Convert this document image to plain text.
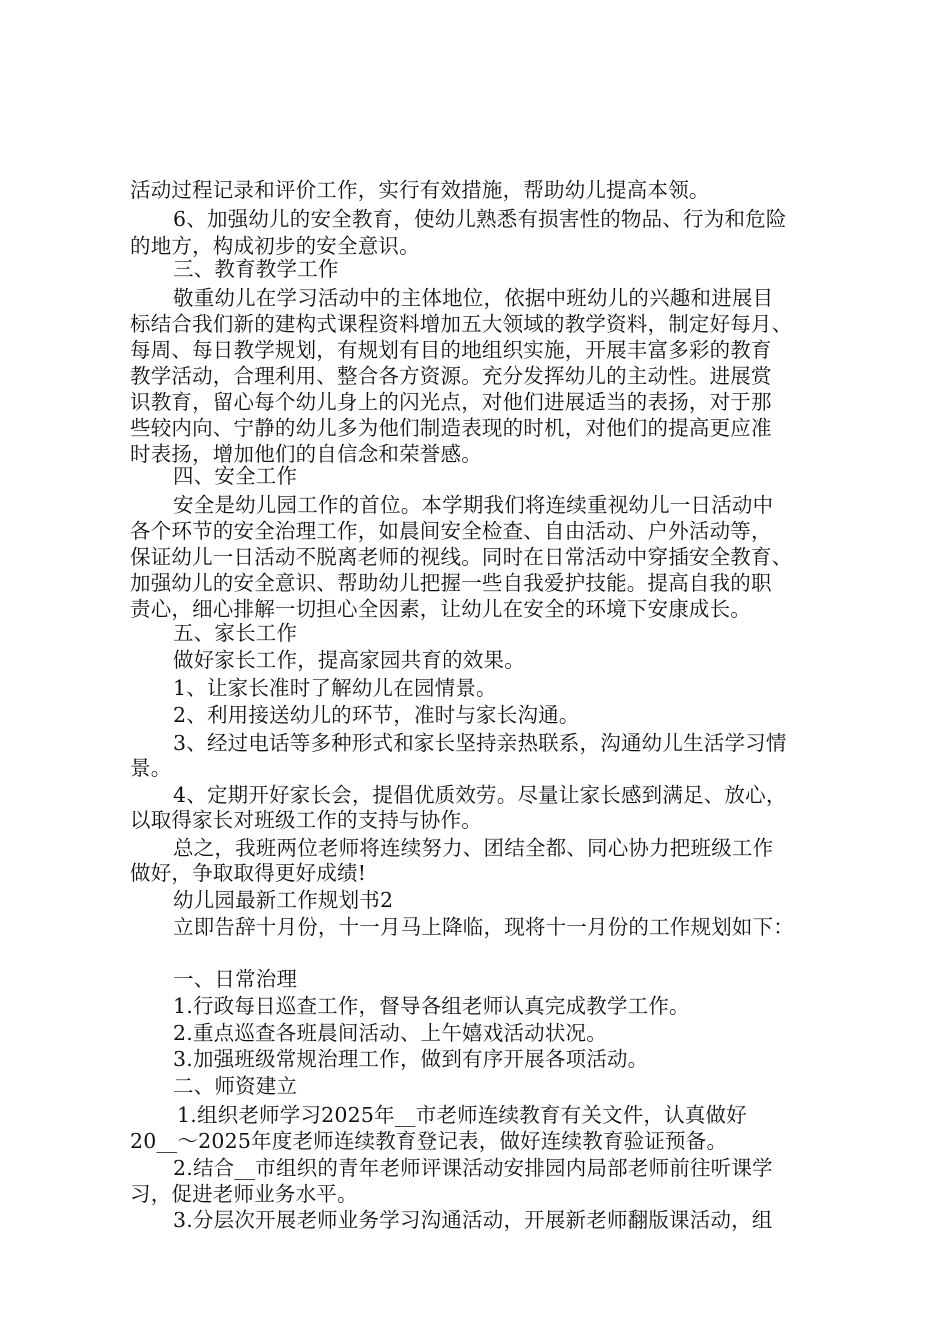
活动过程记录和评价工作，实行有效措施，帮助幼儿提高本领。
6、加强幼儿的安全教育，使幼儿熟悉有损害性的物品、行为和危险
的地方，构成初步的安全意识。
三、教育教学工作
敬重幼儿在学习活动中的主体地位，依据中班幼儿的兴趣和进展目
标结合我们新的建构式课程资料增加五大领域的教学资料，制定好每月、
每周、每日教学规划，有规划有目的地组织实施，开展丰富多彩的教育
教学活动，合理利用、整合各方资源。充分发挥幼儿的主动性。进展赏
识教育，留心每个幼儿身上的闪光点，对他们进展适当的表扬，对于那
些较内向、宁静的幼儿多为他们制造表现的时机，对他们的提高更应准
时表扬，增加他们的自信念和荣誉感。
四、安全工作
安全是幼儿园工作的首位。本学期我们将连续重视幼儿一日活动中
各个环节的安全治理工作，如晨间安全检查、自由活动、户外活动等，
保证幼儿一日活动不脱离老师的视线。同时在日常活动中穿插安全教育、
加强幼儿的安全意识、帮助幼儿把握一些自我爱护技能。提高自我的职
责心，细心排解一切担心全因素，让幼儿在安全的环境下安康成长。
五、家长工作
做好家长工作，提高家园共育的效果。
1、让家长准时了解幼儿在园情景。
2、利用接送幼儿的环节，准时与家长沟通。
3、经过电话等多种形式和家长坚持亲热联系，沟通幼儿生活学习情
景。
4、定期开好家长会，提倡优质效劳。尽量让家长感到满足、放心，
以取得家长对班级工作的支持与协作。
总之，我班两位老师将连续努力、团结全都、同心协力把班级工作
做好，争取取得更好成绩!
幼儿园最新工作规划书2
立即告辞十月份，十一月马上降临，现将十一月份的工作规划如下：
一、日常治理
1.行政每日巡查工作，督导各组老师认真完成教学工作。
2.重点巡查各班晨间活动、上午嬉戏活动状况。
3.加强班级常规治理工作，做到有序开展各项活动。
二、师资建立
1.组织老师学习2025年__市老师连续教育有关文件，认真做好
20__～2025年度老师连续教育登记表，做好连续教育验证预备。
2.结合__市组织的青年老师评课活动安排园内局部老师前往听课学
习，促进老师业务水平。
3.分层次开展老师业务学习沟通活动，开展新老师翻版课活动，组
